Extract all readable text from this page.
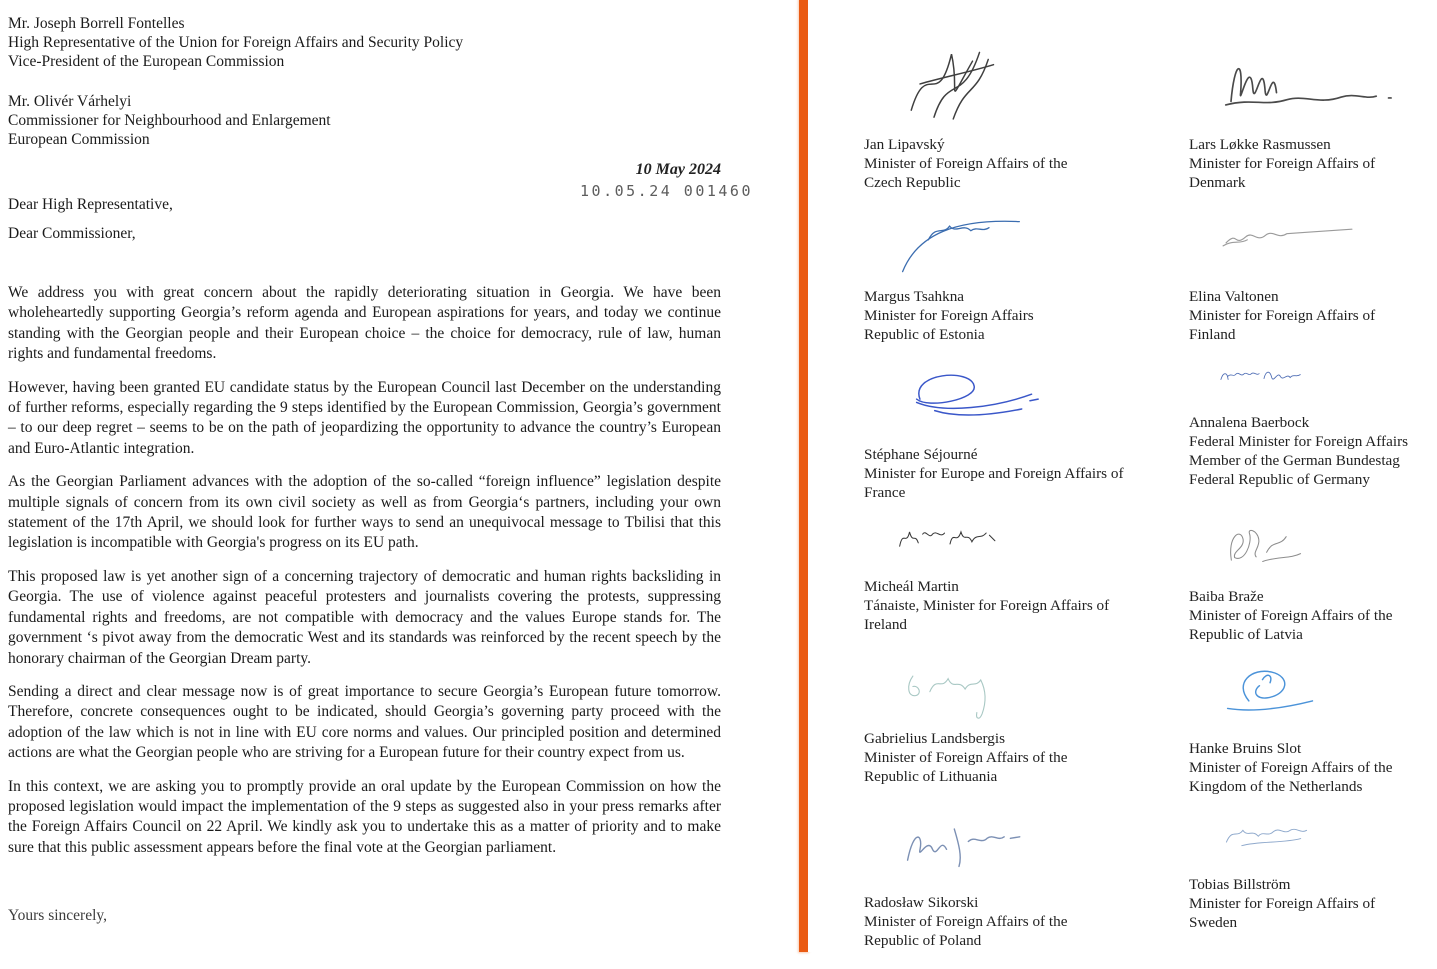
Mr. Joseph Borrell Fontelles
High Representative of the Union for Foreign Affairs and Security Policy
Vice-President of the European Commission
Mr. Olivér Várhelyi
Commissioner for Neighbourhood and Enlargement
European Commission
10 May 2024
10.05.24 001460
Dear High Representative,
Dear Commissioner,

We address you with great concern about the rapidly deteriorating situation in Georgia. We have been wholeheartedly supporting Georgia’s reform agenda and European aspirations for years, and today we continue standing with the Georgian people and their European choice – the choice for democracy, rule of law, human rights and fundamental freedoms.

However, having been granted EU candidate status by the European Council last December on the understanding of further reforms, especially regarding the 9 steps identified by the European Commission, Georgia’s government – to our deep regret – seems to be on the path of jeopardizing the opportunity to advance the country’s European and Euro-Atlantic integration.

As the Georgian Parliament advances with the adoption of the so-called “foreign influence” legislation despite multiple signals of concern from its own civil society as well as from Georgia‘s partners, including your own statement of the 17th April, we should look for further ways to send an unequivocal message to Tbilisi that this legislation is incompatible with Georgia's progress on its EU path.

This proposed law is yet another sign of a concerning trajectory of democratic and human rights backsliding in Georgia. The use of violence against peaceful protesters and journalists covering the protests, suppressing fundamental rights and freedoms, are not compatible with democracy and the values Europe stands for. The government ‘s pivot away from the democratic West and its standards was reinforced by the recent speech by the honorary chairman of the Georgian Dream party.

Sending a direct and clear message now is of great importance to secure Georgia’s European future tomorrow. Therefore, concrete consequences ought to be indicated, should Georgia’s governing party proceed with the adoption of the law which is not in line with EU core norms and values. Our principled position and determined actions are what the Georgian people who are striving for a European future for their country expect from us.

In this context, we are asking you to promptly provide an oral update by the European Commission on how the proposed legislation would impact the implementation of the 9 steps as suggested also in your press remarks after the Foreign Affairs Council on 22 April. We kindly ask you to undertake this as a matter of priority and to make sure that this public assessment appears before the final vote at the Georgian parliament.

Yours sincerely,
Jan Lipavský
Minister of Foreign Affairs of the
Czech Republic
Lars Løkke Rasmussen
Minister for Foreign Affairs of
Denmark
Margus Tsahkna
Minister for Foreign Affairs
Republic of Estonia
Elina Valtonen
Minister for Foreign Affairs of
Finland
Stéphane Séjourné
Minister for Europe and Foreign Affairs of
France
Annalena Baerbock
Federal Minister for Foreign Affairs
Member of the German Bundestag
Federal Republic of Germany
Micheál Martin
Tánaiste, Minister for Foreign Affairs of
Ireland
Baiba Braže
Minister of Foreign Affairs of the
Republic of Latvia
Gabrielius Landsbergis
Minister of Foreign Affairs of the
Republic of Lithuania
Hanke Bruins Slot
Minister of Foreign Affairs of the
Kingdom of the Netherlands
Radosław Sikorski
Minister of Foreign Affairs of the
Republic of Poland
Tobias Billström
Minister for Foreign Affairs of
Sweden
